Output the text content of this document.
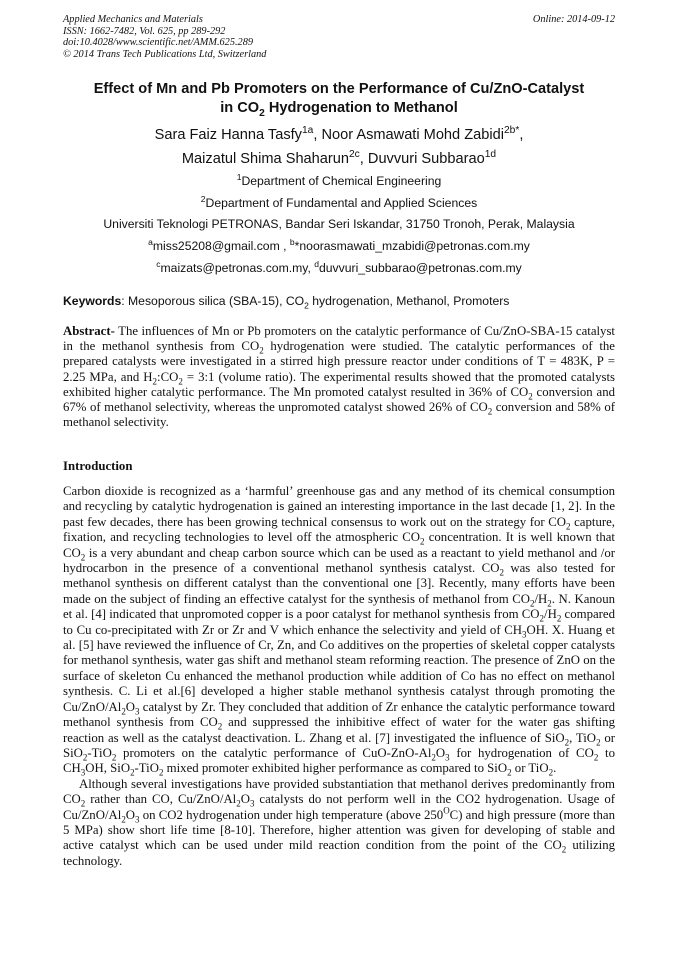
Applied Mechanics and Materials
ISSN: 1662-7482, Vol. 625, pp 289-292
doi:10.4028/www.scientific.net/AMM.625.289
© 2014 Trans Tech Publications Ltd, Switzerland
Online: 2014-09-12
Effect of Mn and Pb Promoters on the Performance of Cu/ZnO-Catalyst
in $CO_2$ Hydrogenation to Methanol
Sara Faiz Hanna Tasfy$^{1a}$, Noor Asmawati Mohd Zabidi$^{2b*}$,
Maizatul Shima Shaharun$^{2c}$, Duvvuri Subbarao$^{1d}$
$^1$Department of Chemical Engineering
$^2$Department of Fundamental and Applied Sciences
Universiti Teknologi PETRONAS, Bandar Seri Iskandar, 31750 Tronoh, Perak, Malaysia
$^a$miss25208@gmail.com , $^b$*noorasmawati_mzabidi@petronas.com.my
$^c$maizats@petronas.com.my, $^d$duvvuri_subbarao@petronas.com.my
Keywords: Mesoporous silica (SBA-15), $CO_2$ hydrogenation, Methanol, Promoters
Abstract- The influences of Mn or Pb promoters on the catalytic performance of Cu/ZnO-SBA-15 catalyst in the methanol synthesis from $CO_2$ hydrogenation were studied. The catalytic performances of the prepared catalysts were investigated in a stirred high pressure reactor under conditions of T = 483K, P = 2.25 MPa, and $H_2:CO_2$ = 3:1 (volume ratio). The experimental results showed that the promoted catalysts exhibited higher catalytic performance. The Mn promoted catalyst resulted in 36% of $CO_2$ conversion and 67% of methanol selectivity, whereas the unpromoted catalyst showed 26% of $CO_2$ conversion and 58% of methanol selectivity.
Introduction

Carbon dioxide is recognized as a ‘harmful’ greenhouse gas and any method of its chemical consumption and recycling by catalytic hydrogenation is gained an interesting importance in the last decade [1, 2]. In the past few decades, there has been growing technical consensus to work out on the strategy for $CO_2$ capture, fixation, and recycling technologies to level off the atmospheric $CO_2$ concentration. It is well known that $CO_2$ is a very abundant and cheap carbon source which can be used as a reactant to yield methanol and /or hydrocarbon in the presence of a conventional methanol synthesis catalyst. $CO_2$ was also tested for methanol synthesis on different catalyst than the conventional one [3]. Recently, many efforts have been made on the subject of finding an effective catalyst for the synthesis of methanol from $CO_2/H_2$. N. Kanoun et al. [4] indicated that unpromoted copper is a poor catalyst for methanol synthesis from $CO_2/H_2$ compared to Cu co-precipitated with Zr or Zr and V which enhance the selectivity and yield of $CH_3OH$. X. Huang et al. [5] have reviewed the influence of Cr, Zn, and Co additives on the properties of skeletal copper catalysts for methanol synthesis, water gas shift and methanol steam reforming reaction. The presence of ZnO on the surface of skeleton Cu enhanced the methanol production while addition of Co has no effect on methanol synthesis. C. Li et al.[6] developed a higher stable methanol synthesis catalyst through promoting the $Cu/ZnO/Al_2O_3$ catalyst by Zr. They concluded that addition of Zr enhance the catalytic performance toward methanol synthesis from $CO_2$ and suppressed the inhibitive effect of water for the water gas shifting reaction as well as the catalyst deactivation. L. Zhang et al. [7] investigated the influence of SiO$_2$, TiO$_2$ or SiO$_2$-TiO$_2$ promoters on the catalytic performance of CuO-$ZnO-Al_2O_3$ for hydrogenation of $CO_2$ to $CH_3OH$, SiO$_2$-TiO$_2$ mixed promoter exhibited higher performance as compared to SiO$_2$ or TiO$_2$.

Although several investigations have provided substantiation that methanol derives predominantly from $CO_2$ rather than CO, $Cu/ZnO/Al_2O_3$ catalysts do not perform well in the CO2 hydrogenation. Usage of $Cu/ZnO/Al_2O_3$ on CO2 hydrogenation under high temperature (above $250^OC$) and high pressure (more than 5 MPa) show short life time [8-10]. Therefore, higher attention was given for developing of stable and active catalyst which can be used under mild reaction condition from the point of the $CO_2$ utilizing technology.
